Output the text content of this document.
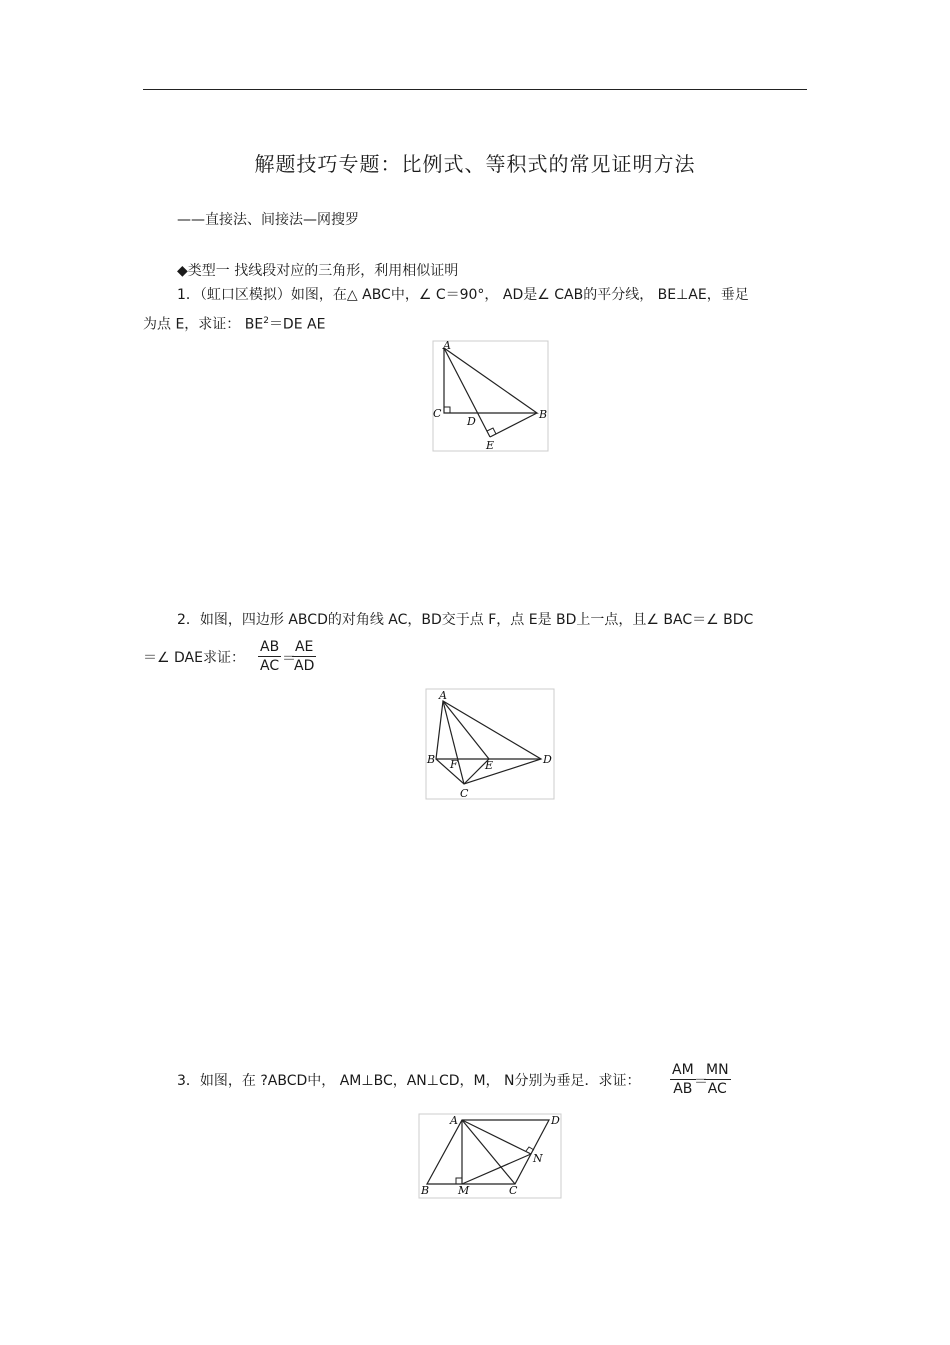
解题技巧专题：比例式、等积式的常见证明方法
——直接法、间接法—网搜罗
◆类型一 找线段对应的三角形，利用相似证明
1．（虹口区模拟）如图，在△ ABC中，∠ C＝90°， AD是∠ CAB的平分线， BE⊥AE，垂足
为点 E，求证： $BE^2=DE$ AE
A
C
D
E
B
2．如图，四边形 ABCD的对角线 AC，BD交于点 F，点 E是 BD上一点，且∠ BAC＝∠ BDC
＝∠ DAE求证： $\frac{AB}{AC}$ ＝
$\frac{AE}{AD}$
A
B F E	D
C
3．如图，在 ?ABCD中， AM⊥BC，AN⊥CD，M， N分别为垂足．求证： $\frac{AM}{AB}$
＝
$\frac{MN}{AC}$
A	D
N
B	M	C
